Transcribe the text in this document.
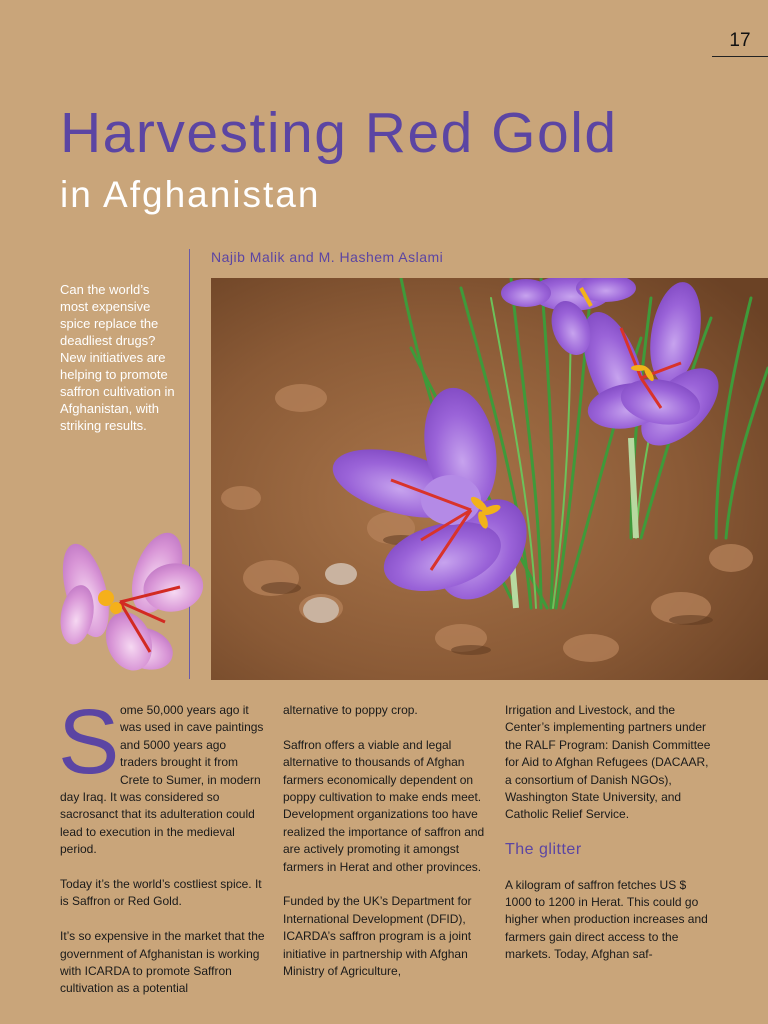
17
Harvesting Red Gold
in Afghanistan
Najib Malik and M. Hashem Aslami

Can the world’s most expensive spice replace the deadliest drugs? New initiatives are helping to promote saffron cultivation in Afghanistan, with striking results.

Some 50,000 years ago it was used in cave paintings and 5000 years ago traders brought it from Crete to Sumer, in modern day Iraq. It was considered so sacrosanct that its adulteration could lead to execution in the medieval period.

Today it’s the world’s costliest spice. It is Saffron or Red Gold.

It’s so expensive in the market that the government of Afghanistan is working with ICARDA to promote Saffron cultivation as a potential

alternative to poppy crop.

Saffron offers a viable and legal alternative to thousands of Afghan farmers economically dependent on poppy cultivation to make ends meet. Development organizations too have realized the importance of saffron and are actively promoting it amongst farmers in Herat and other provinces.

Funded by the UK’s Department for International Development (DFID), ICARDA’s saffron program is a joint initiative in partnership with Afghan Ministry of Agriculture,

Irrigation and Livestock, and the Center’s implementing partners under the RALF Program: Danish Committee for Aid to Afghan Refugees (DACAAR, a consortium of Danish NGOs), Washington State University, and Catholic Relief Service.

The glitter

A kilogram of saffron fetches US $ 1000 to 1200 in Herat. This could go higher when production increases and farmers gain direct access to the markets. Today, Afghan saf-
